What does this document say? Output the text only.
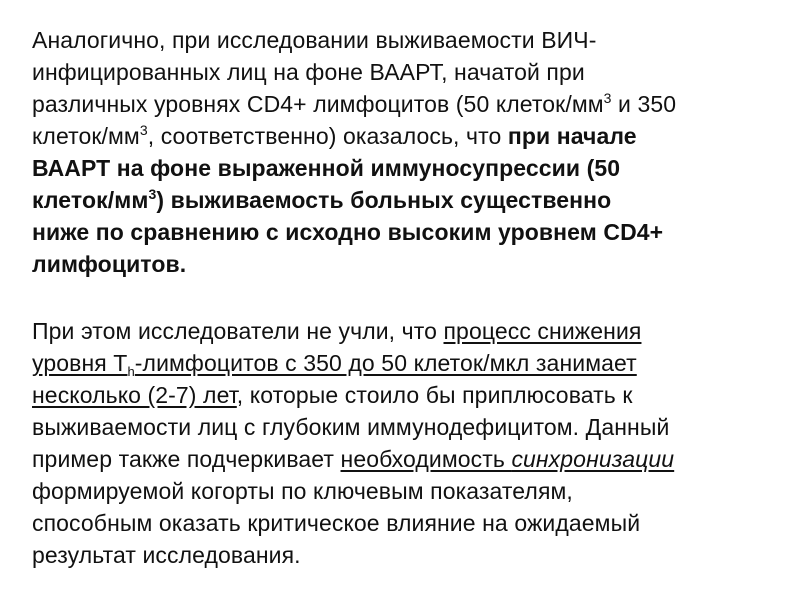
Аналогично, при исследовании выживаемости ВИЧ-
инфицированных лиц на фоне ВААРТ, начатой при
различных уровнях CD4+ лимфоцитов (50 клеток/$мм^3$ и 350
клеток/$мм^3$, соответственно) оказалось, что при начале
ВААРТ на фоне выраженной иммуносупрессии (50
клеток/$мм^3$) выживаемость больных существенно
ниже по сравнению с исходно высоким уровнем CD4+
лимфоцитов.
При этом исследователи не учли, что процесс снижения
уровня $Т_h$-лимфоцитов с 350 до 50 клеток/мкл занимает
несколько (2-7) лет, которые стоило бы приплюсовать к
выживаемости лиц с глубоким иммунодефицитом. Данный
пример также подчеркивает необходимость синхронизации
формируемой когорты по ключевым показателям,
способным оказать критическое влияние на ожидаемый
результат исследования.
